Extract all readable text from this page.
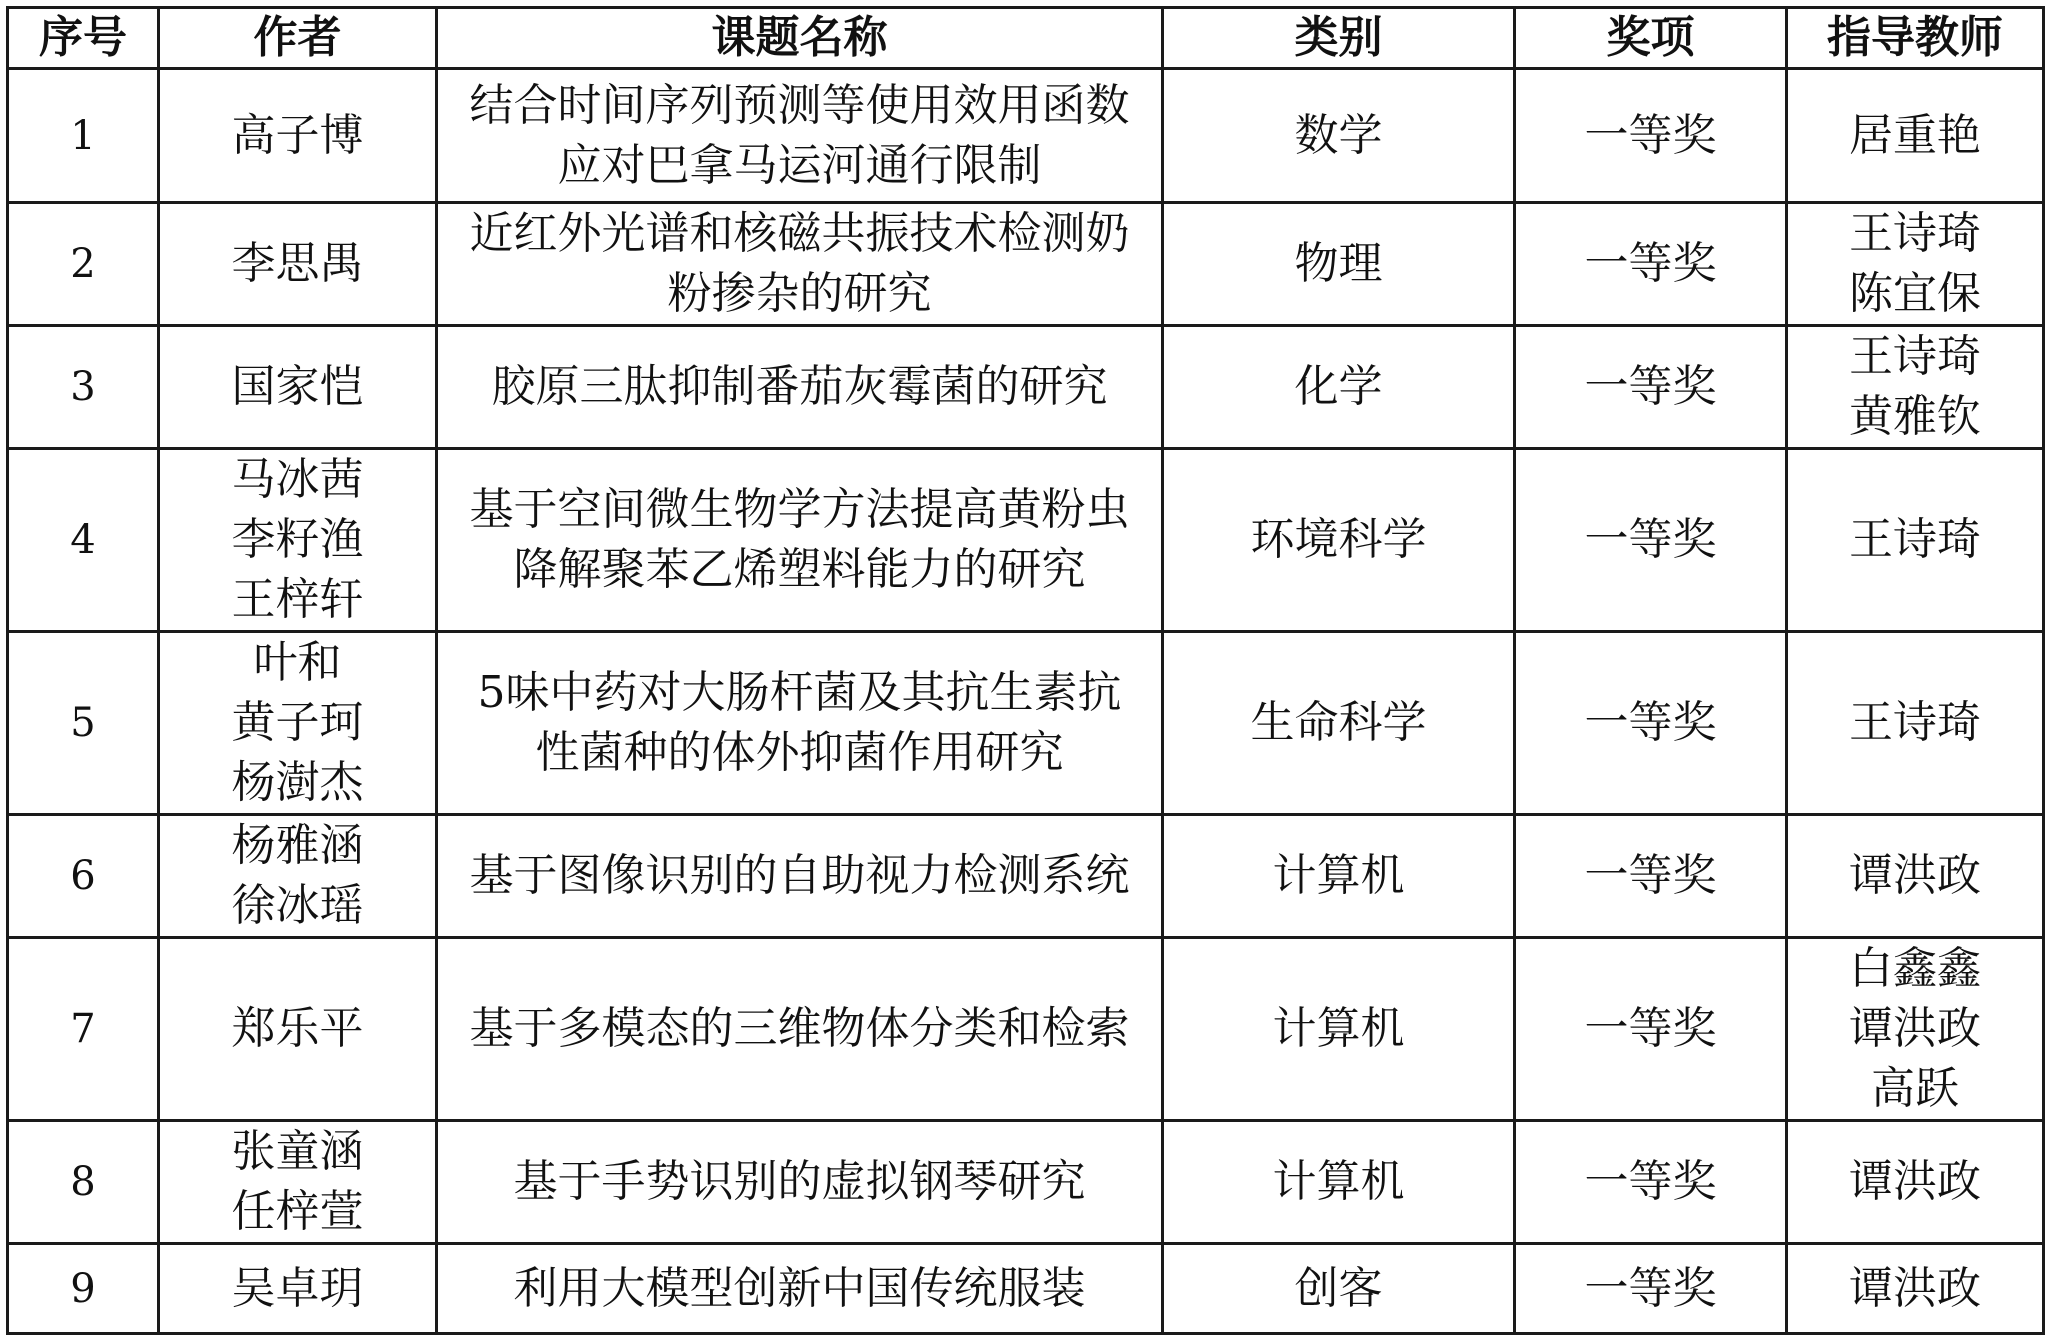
序号	作者	课题名称	类别	奖项	指导教师
1	高子博	结合时间序列预测等使用效用函数
应对巴拿马运河通行限制	数学	一等奖	居重艳

2	李思禺	近红外光谱和核磁共振技术检测奶
粉掺杂的研究	物理	一等奖	王诗琦
陈宜保

3	国家恺	胶原三肽抑制番茄灰霉菌的研究	化学	一等奖	王诗琦
黄雅钦

4	马冰茜
李籽渔
王梓轩	基于空间微生物学方法提高黄粉虫
降解聚苯乙烯塑料能力的研究	环境科学	一等奖	王诗琦

5	叶和
黄子珂
杨澍杰	5味中药对大肠杆菌及其抗生素抗
性菌种的体外抑菌作用研究	生命科学	一等奖	王诗琦

6	杨雅涵
徐冰瑶	基于图像识别的自助视力检测系统	计算机	一等奖	谭洪政

7	郑乐平	基于多模态的三维物体分类和检索	计算机	一等奖	白鑫鑫
谭洪政
高跃

8	张童涵
任梓萱	基于手势识别的虚拟钢琴研究	计算机	一等奖	谭洪政

9	吴卓玥	利用大模型创新中国传统服装	创客	一等奖	谭洪政
